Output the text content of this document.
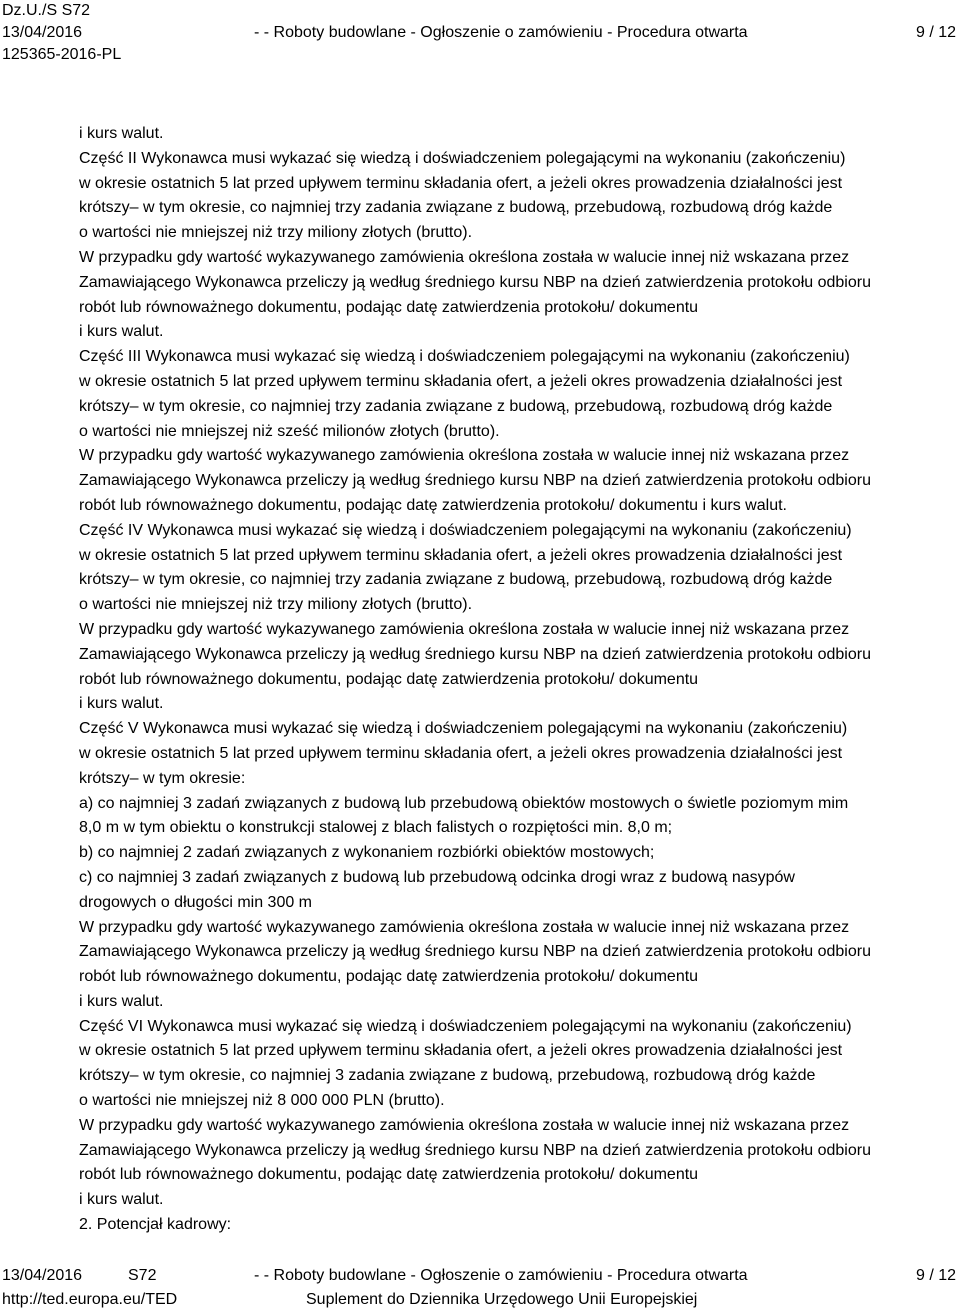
Dz.U./S S72
13/04/2016
125365-2016-PL
- - Roboty budowlane - Ogłoszenie o zamówieniu - Procedura otwarta	9 / 12
i kurs walut.
Część II Wykonawca musi wykazać się wiedzą i doświadczeniem polegającymi na wykonaniu (zakończeniu)
w okresie ostatnich 5 lat przed upływem terminu składania ofert, a jeżeli okres prowadzenia działalności jest
krótszy– w tym okresie, co najmniej trzy zadania związane z budową, przebudową, rozbudową dróg każde
o wartości nie mniejszej niż trzy miliony złotych (brutto).
W przypadku gdy wartość wykazywanego zamówienia określona została w walucie innej niż wskazana przez
Zamawiającego Wykonawca przeliczy ją według średniego kursu NBP na dzień zatwierdzenia protokołu odbioru
robót lub równoważnego dokumentu, podając datę zatwierdzenia protokołu/ dokumentu
i kurs walut.
Część III Wykonawca musi wykazać się wiedzą i doświadczeniem polegającymi na wykonaniu (zakończeniu)
w okresie ostatnich 5 lat przed upływem terminu składania ofert, a jeżeli okres prowadzenia działalności jest
krótszy– w tym okresie, co najmniej trzy zadania związane z budową, przebudową, rozbudową dróg każde
o wartości nie mniejszej niż sześć milionów złotych (brutto).
W przypadku gdy wartość wykazywanego zamówienia określona została w walucie innej niż wskazana przez
Zamawiającego Wykonawca przeliczy ją według średniego kursu NBP na dzień zatwierdzenia protokołu odbioru
robót lub równoważnego dokumentu, podając datę zatwierdzenia protokołu/ dokumentu i kurs walut.
Część IV Wykonawca musi wykazać się wiedzą i doświadczeniem polegającymi na wykonaniu (zakończeniu)
w okresie ostatnich 5 lat przed upływem terminu składania ofert, a jeżeli okres prowadzenia działalności jest
krótszy– w tym okresie, co najmniej trzy zadania związane z budową, przebudową, rozbudową dróg każde
o wartości nie mniejszej niż trzy miliony złotych (brutto).
W przypadku gdy wartość wykazywanego zamówienia określona została w walucie innej niż wskazana przez
Zamawiającego Wykonawca przeliczy ją według średniego kursu NBP na dzień zatwierdzenia protokołu odbioru
robót lub równoważnego dokumentu, podając datę zatwierdzenia protokołu/ dokumentu
i kurs walut.
Część V Wykonawca musi wykazać się wiedzą i doświadczeniem polegającymi na wykonaniu (zakończeniu)
w okresie ostatnich 5 lat przed upływem terminu składania ofert, a jeżeli okres prowadzenia działalności jest
krótszy– w tym okresie:
a) co najmniej 3 zadań związanych z budową lub przebudową obiektów mostowych o świetle poziomym mim
8,0 m w tym obiektu o konstrukcji stalowej z blach falistych o rozpiętości min. 8,0 m;
b) co najmniej 2 zadań związanych z wykonaniem rozbiórki obiektów mostowych;
c) co najmniej 3 zadań związanych z budową lub przebudową odcinka drogi wraz z budową nasypów
drogowych o długości min 300 m
W przypadku gdy wartość wykazywanego zamówienia określona została w walucie innej niż wskazana przez
Zamawiającego Wykonawca przeliczy ją według średniego kursu NBP na dzień zatwierdzenia protokołu odbioru
robót lub równoważnego dokumentu, podając datę zatwierdzenia protokołu/ dokumentu
i kurs walut.
Część VI Wykonawca musi wykazać się wiedzą i doświadczeniem polegającymi na wykonaniu (zakończeniu)
w okresie ostatnich 5 lat przed upływem terminu składania ofert, a jeżeli okres prowadzenia działalności jest
krótszy– w tym okresie, co najmniej 3 zadania związane z budową, przebudową, rozbudową dróg każde
o wartości nie mniejszej niż 8 000 000 PLN (brutto).
W przypadku gdy wartość wykazywanego zamówienia określona została w walucie innej niż wskazana przez
Zamawiającego Wykonawca przeliczy ją według średniego kursu NBP na dzień zatwierdzenia protokołu odbioru
robót lub równoważnego dokumentu, podając datę zatwierdzenia protokołu/ dokumentu
i kurs walut.
2. Potencjał kadrowy:
13/04/2016	S72
http://ted.europa.eu/TED
- - Roboty budowlane - Ogłoszenie o zamówieniu - Procedura otwarta
Suplement do Dziennika Urzędowego Unii Europejskiej
9 / 12
